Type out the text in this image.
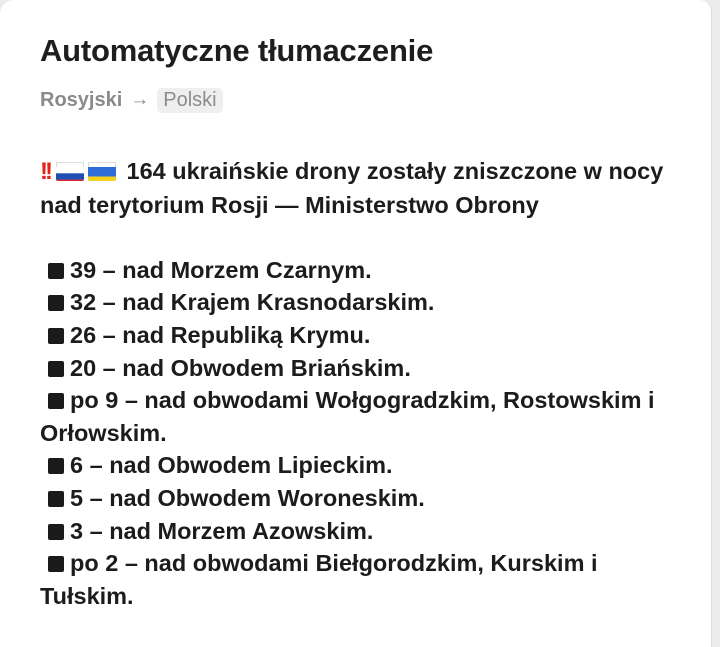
Automatyczne tłumaczenie
Rosyjski → Polski

!!	164 ukraińskie drony zostały zniszczone w nocy nad terytorium Rosji — Ministerstwo Obrony

39 – nad Morzem Czarnym.

32 – nad Krajem Krasnodarskim.

26 – nad Republiką Krymu.

20 – nad Obwodem Briańskim.

po 9 – nad obwodami Wołgogradzkim, Rostowskim i Orłowskim.

6 – nad Obwodem Lipieckim.

5 – nad Obwodem Woroneskim.

3 – nad Morzem Azowskim.

po 2 – nad obwodami Biełgorodzkim, Kurskim i Tułskim.
